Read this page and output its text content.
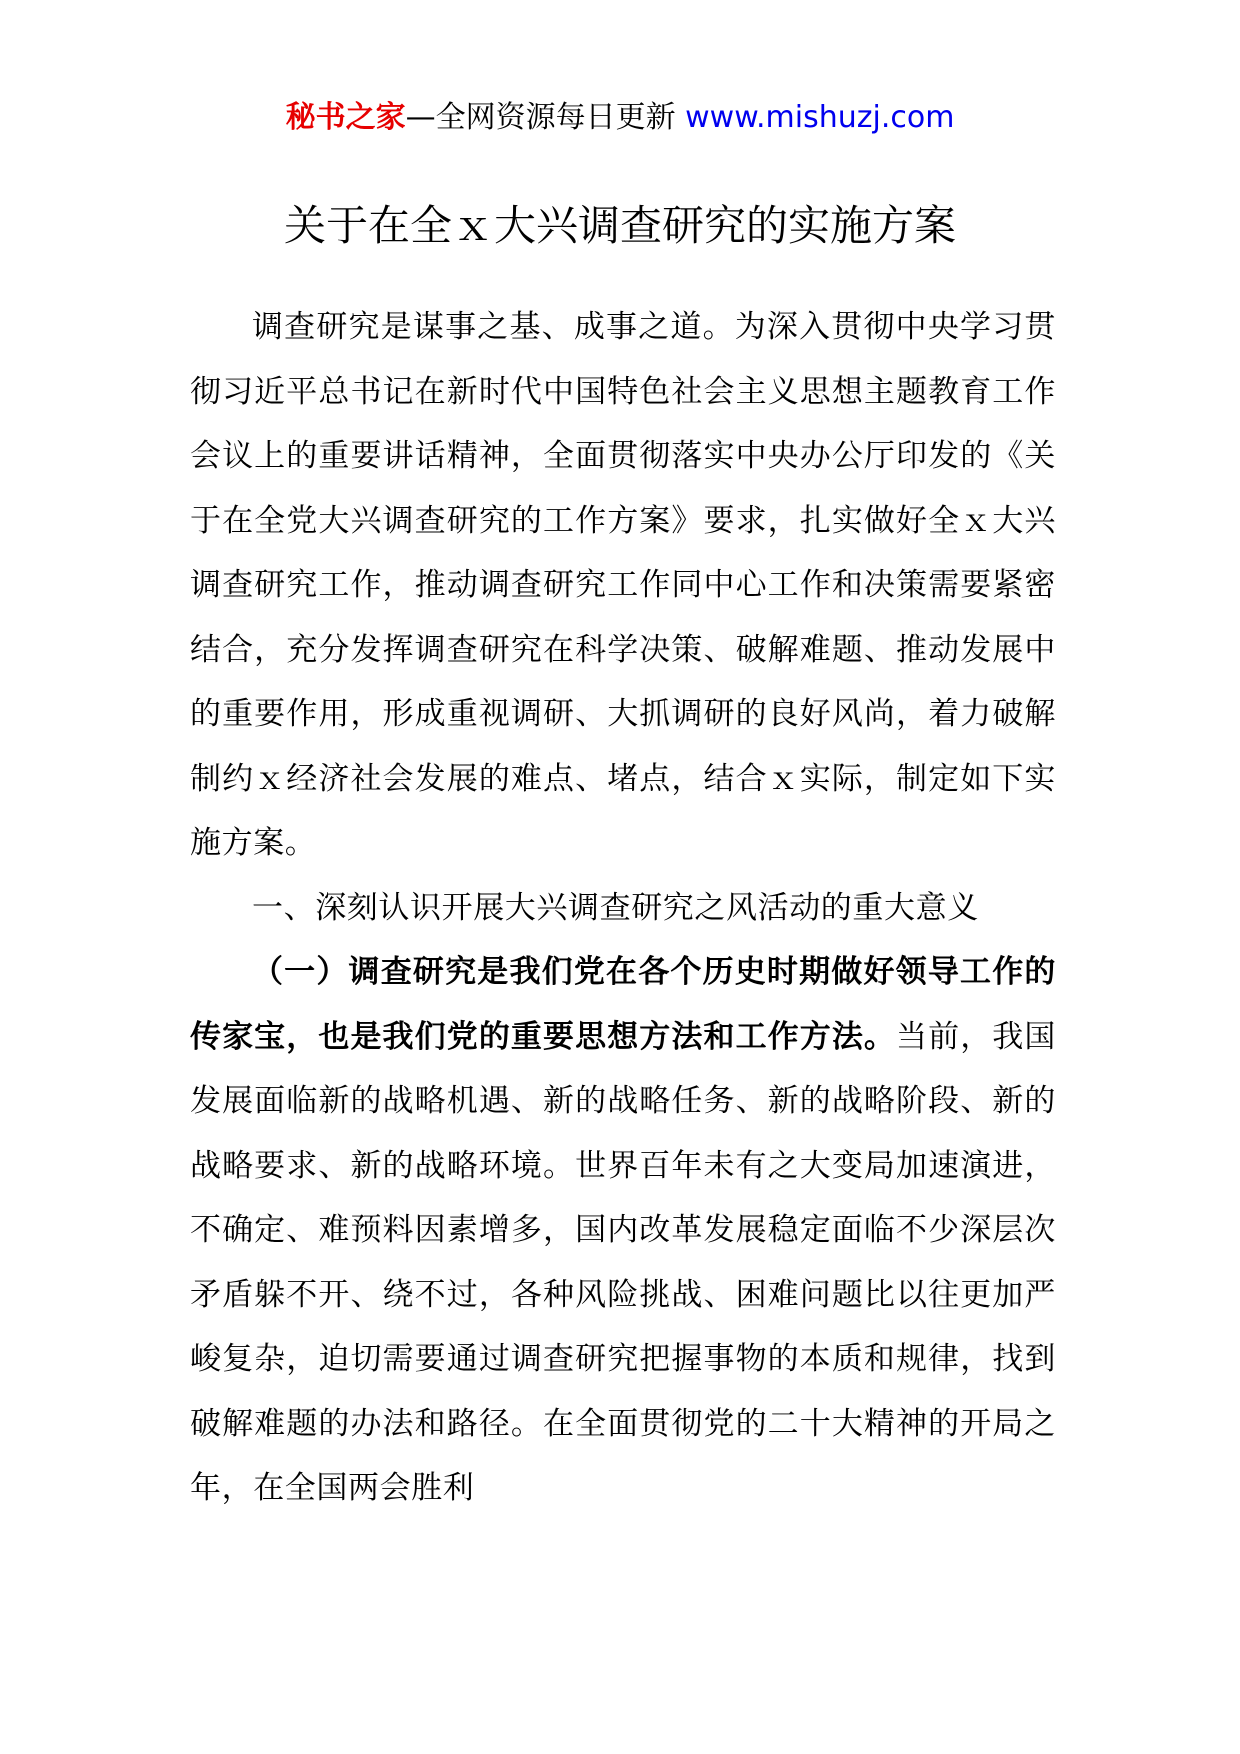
秘书之家—全网资源每日更新 www.mishuzj.com
关于在全ｘ大兴调查研究的实施方案

调查研究是谋事之基、成事之道。为深入贯彻中央学习贯彻习近平总书记在新时代中国特色社会主义思想主题教育工作会议上的重要讲话精神，全面贯彻落实中央办公厅印发的《关于在全党大兴调查研究的工作方案》要求，扎实做好全ｘ大兴调查研究工作，推动调查研究工作同中心工作和决策需要紧密结合，充分发挥调查研究在科学决策、破解难题、推动发展中的重要作用，形成重视调研、大抓调研的良好风尚，着力破解制约ｘ经济社会发展的难点、堵点，结合ｘ实际，制定如下实施方案。

一、深刻认识开展大兴调查研究之风活动的重大意义

（一）调查研究是我们党在各个历史时期做好领导工作的传家宝，也是我们党的重要思想方法和工作方法。当前，我国发展面临新的战略机遇、新的战略任务、新的战略阶段、新的战略要求、新的战略环境。世界百年未有之大变局加速演进，不确定、难预料因素增多，国内改革发展稳定面临不少深层次矛盾躲不开、绕不过，各种风险挑战、困难问题比以往更加严峻复杂，迫切需要通过调查研究把握事物的本质和规律，找到破解难题的办法和路径。在全面贯彻党的二十大精神的开局之年，在全国两会胜利
